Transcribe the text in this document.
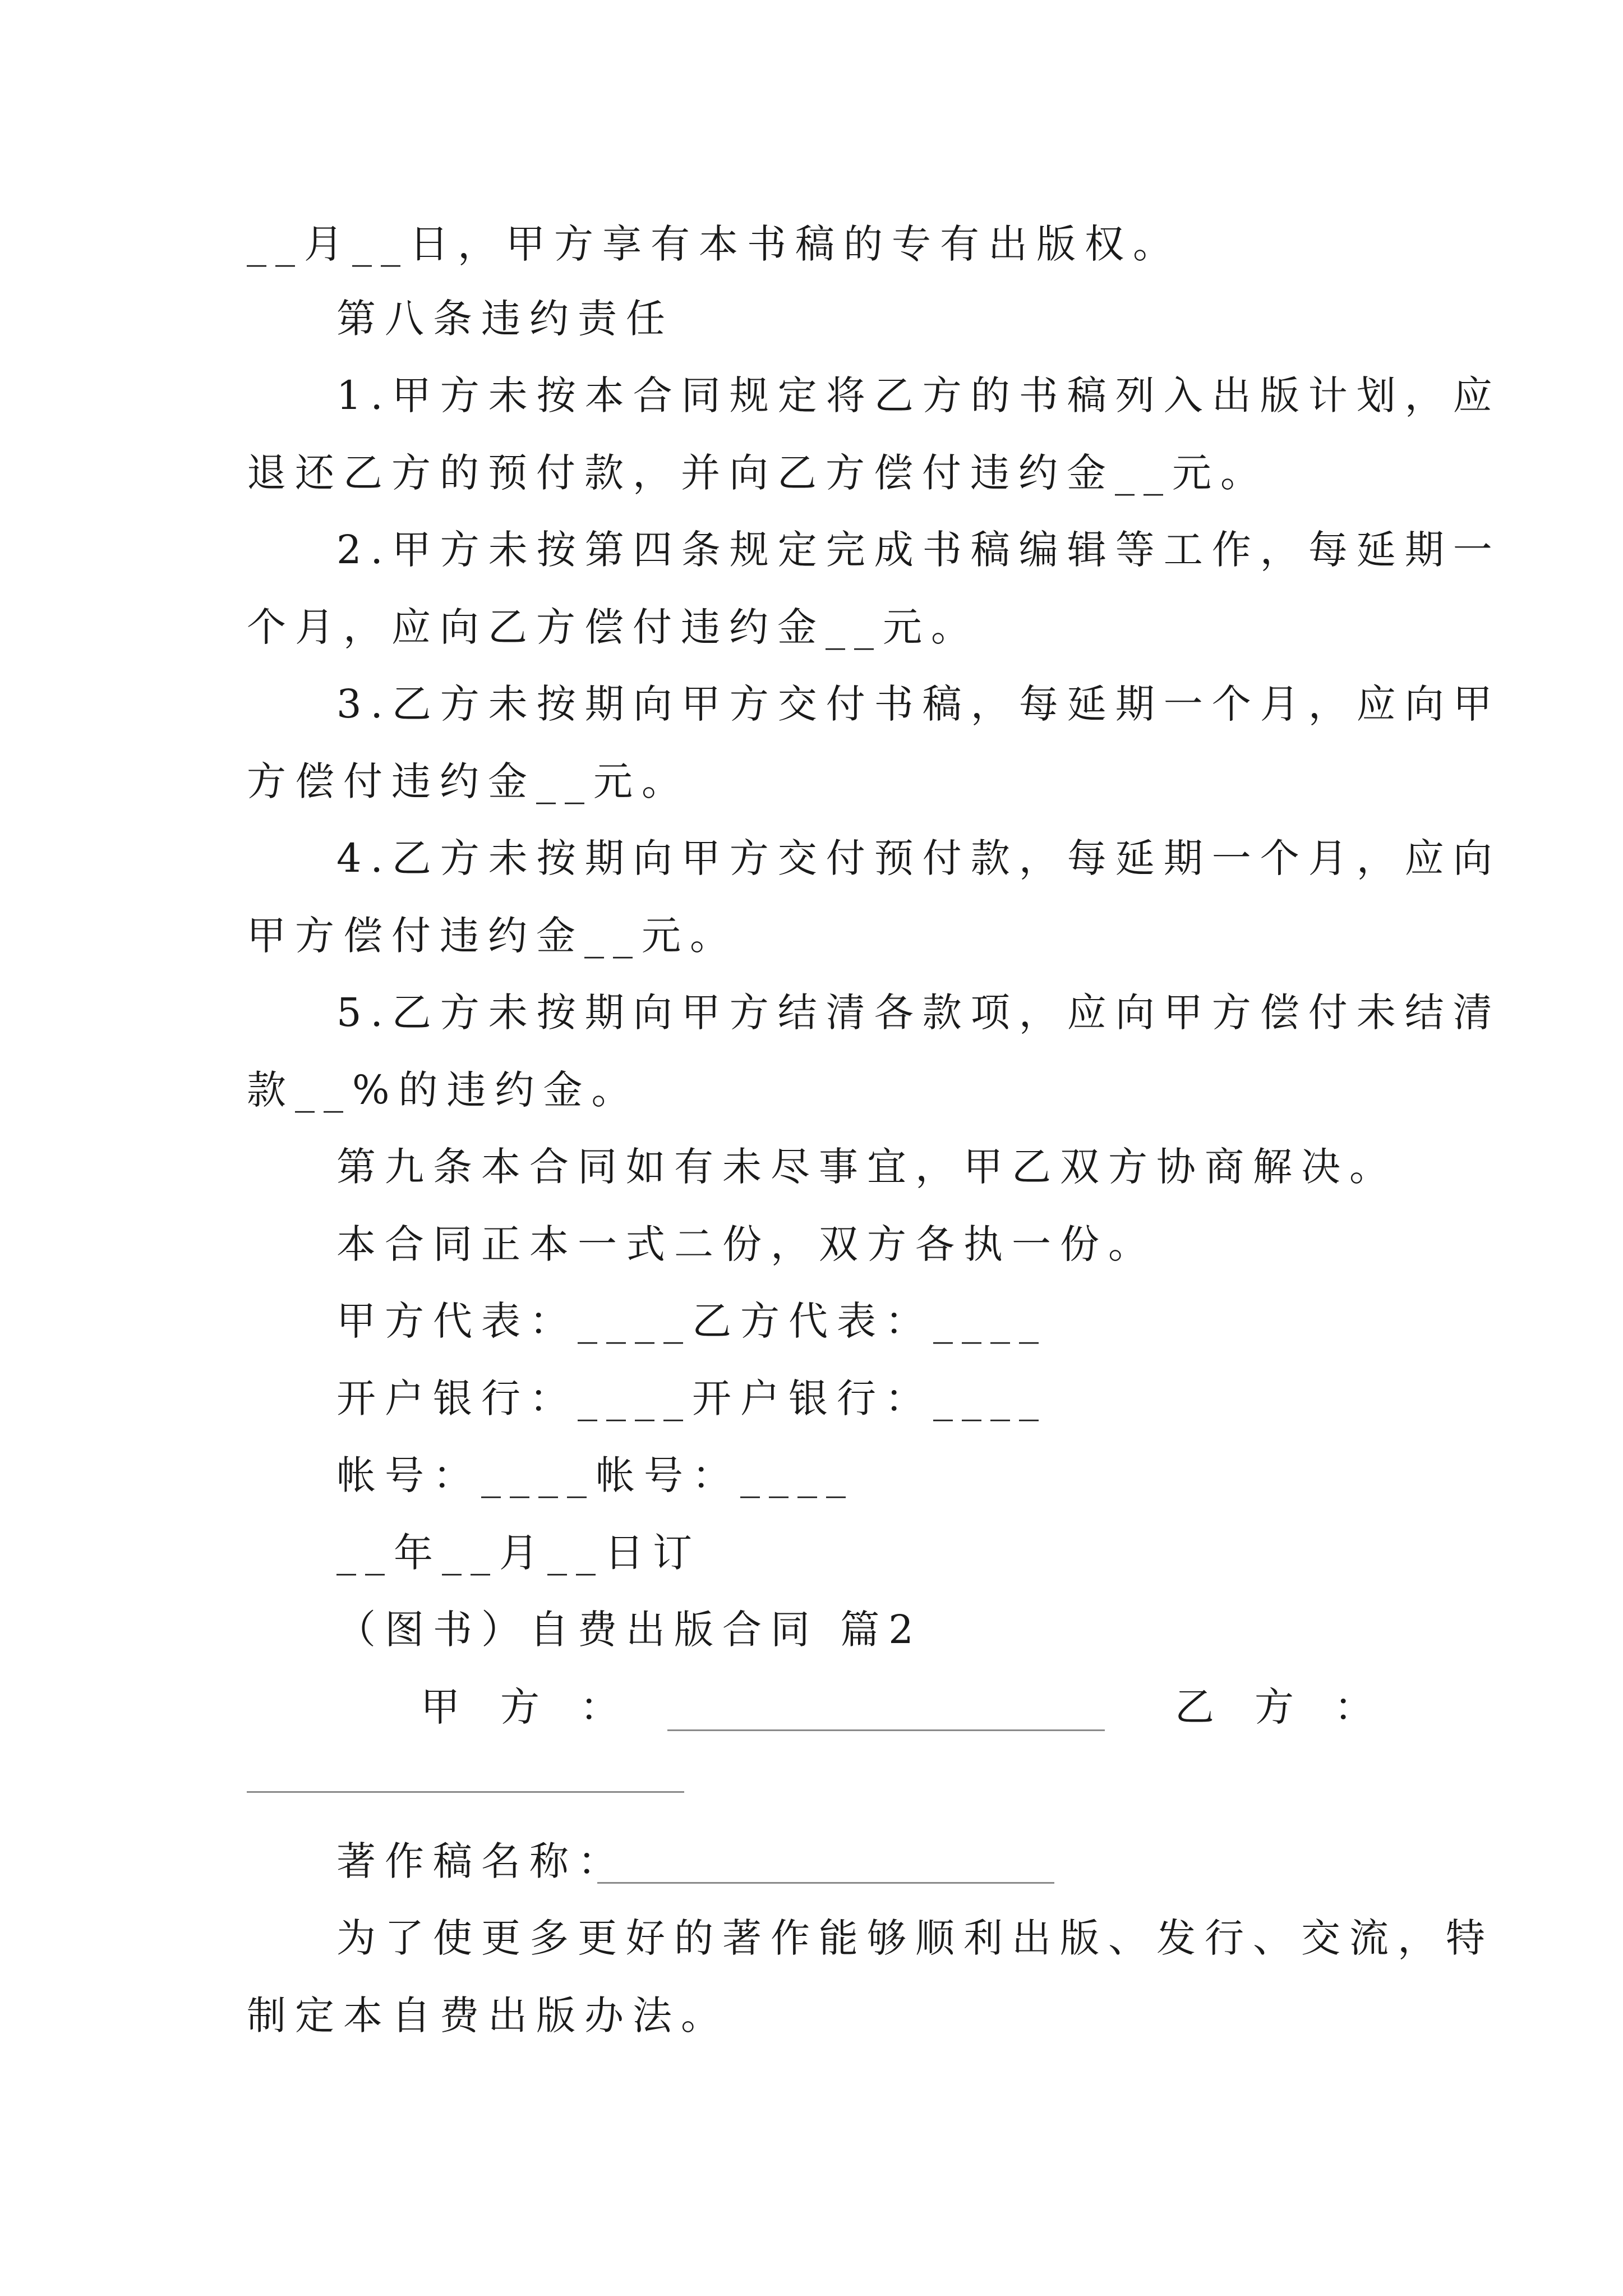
__月__日，甲方享有本书稿的专有出版权。
第八条违约责任
1.甲方未按本合同规定将乙方的书稿列入出版计划，应
退还乙方的预付款，并向乙方偿付违约金__元。
2.甲方未按第四条规定完成书稿编辑等工作，每延期一
个月，应向乙方偿付违约金__元。
3.乙方未按期向甲方交付书稿，每延期一个月，应向甲
方偿付违约金__元。
4.乙方未按期向甲方交付预付款，每延期一个月，应向
甲方偿付违约金__元。
5.乙方未按期向甲方结清各款项，应向甲方偿付未结清
款__%的违约金。
第九条本合同如有未尽事宜，甲乙双方协商解决。
本合同正本一式二份，双方各执一份。
甲方代表：____乙方代表：____
开户银行：____开户银行：____
帐号：____帐号：____
__年__月__日订
（图书）自费出版合同 篇2
甲方：	乙方：
著作稿名称：
为了使更多更好的著作能够顺利出版、发行、交流，特
制定本自费出版办法。
